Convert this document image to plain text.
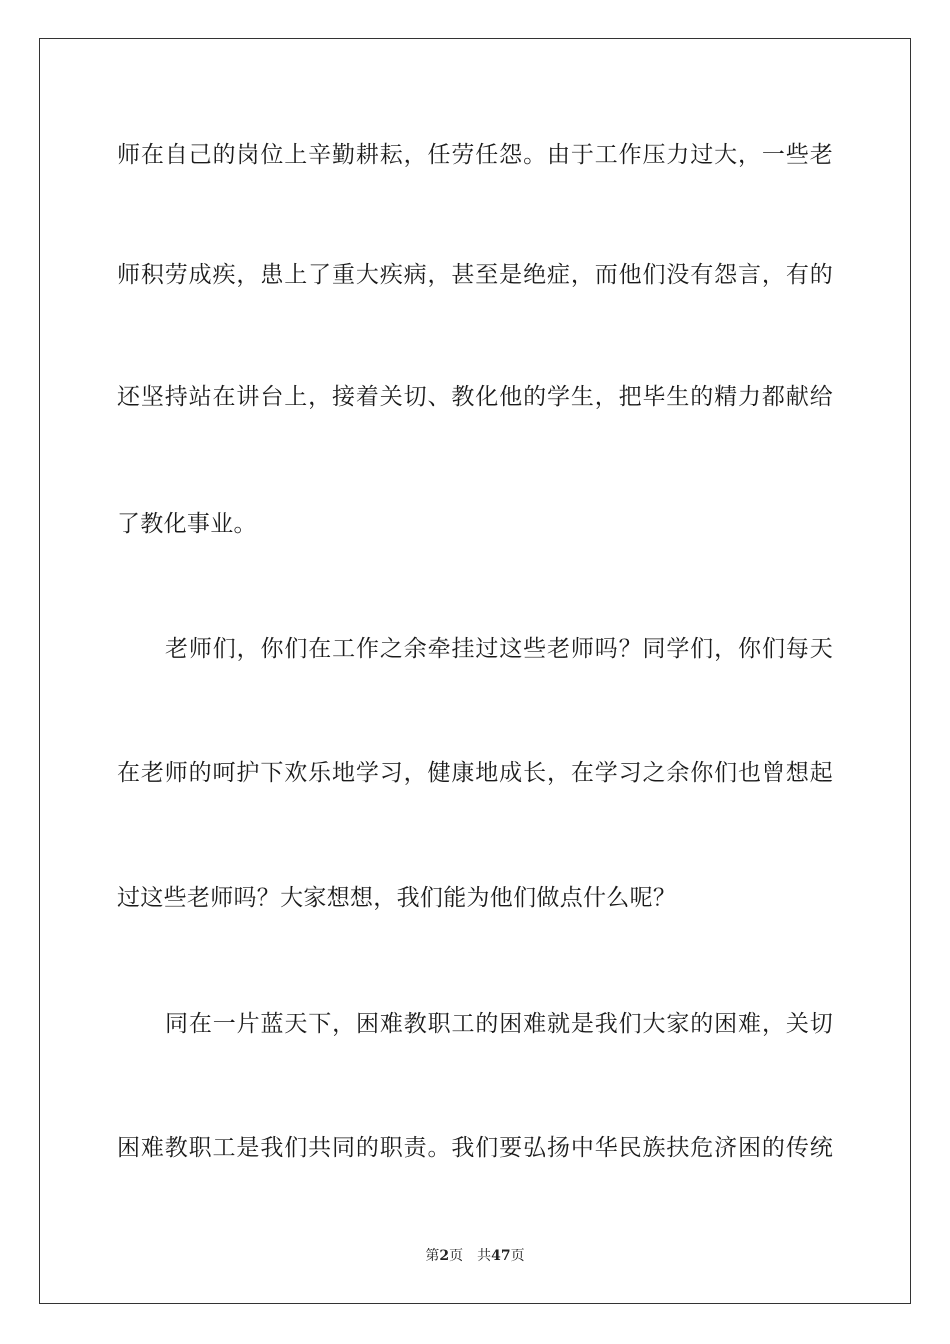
师在自己的岗位上辛勤耕耘，任劳任怨。由于工作压力过大，一些老
师积劳成疾，患上了重大疾病，甚至是绝症，而他们没有怨言，有的
还坚持站在讲台上，接着关切、教化他的学生，把毕生的精力都献给
了教化事业。
老师们，你们在工作之余牵挂过这些老师吗？同学们，你们每天
在老师的呵护下欢乐地学习，健康地成长，在学习之余你们也曾想起
过这些老师吗？大家想想，我们能为他们做点什么呢？
同在一片蓝天下，困难教职工的困难就是我们大家的困难，关切
困难教职工是我们共同的职责。我们要弘扬中华民族扶危济困的传统
第2页 共47页
